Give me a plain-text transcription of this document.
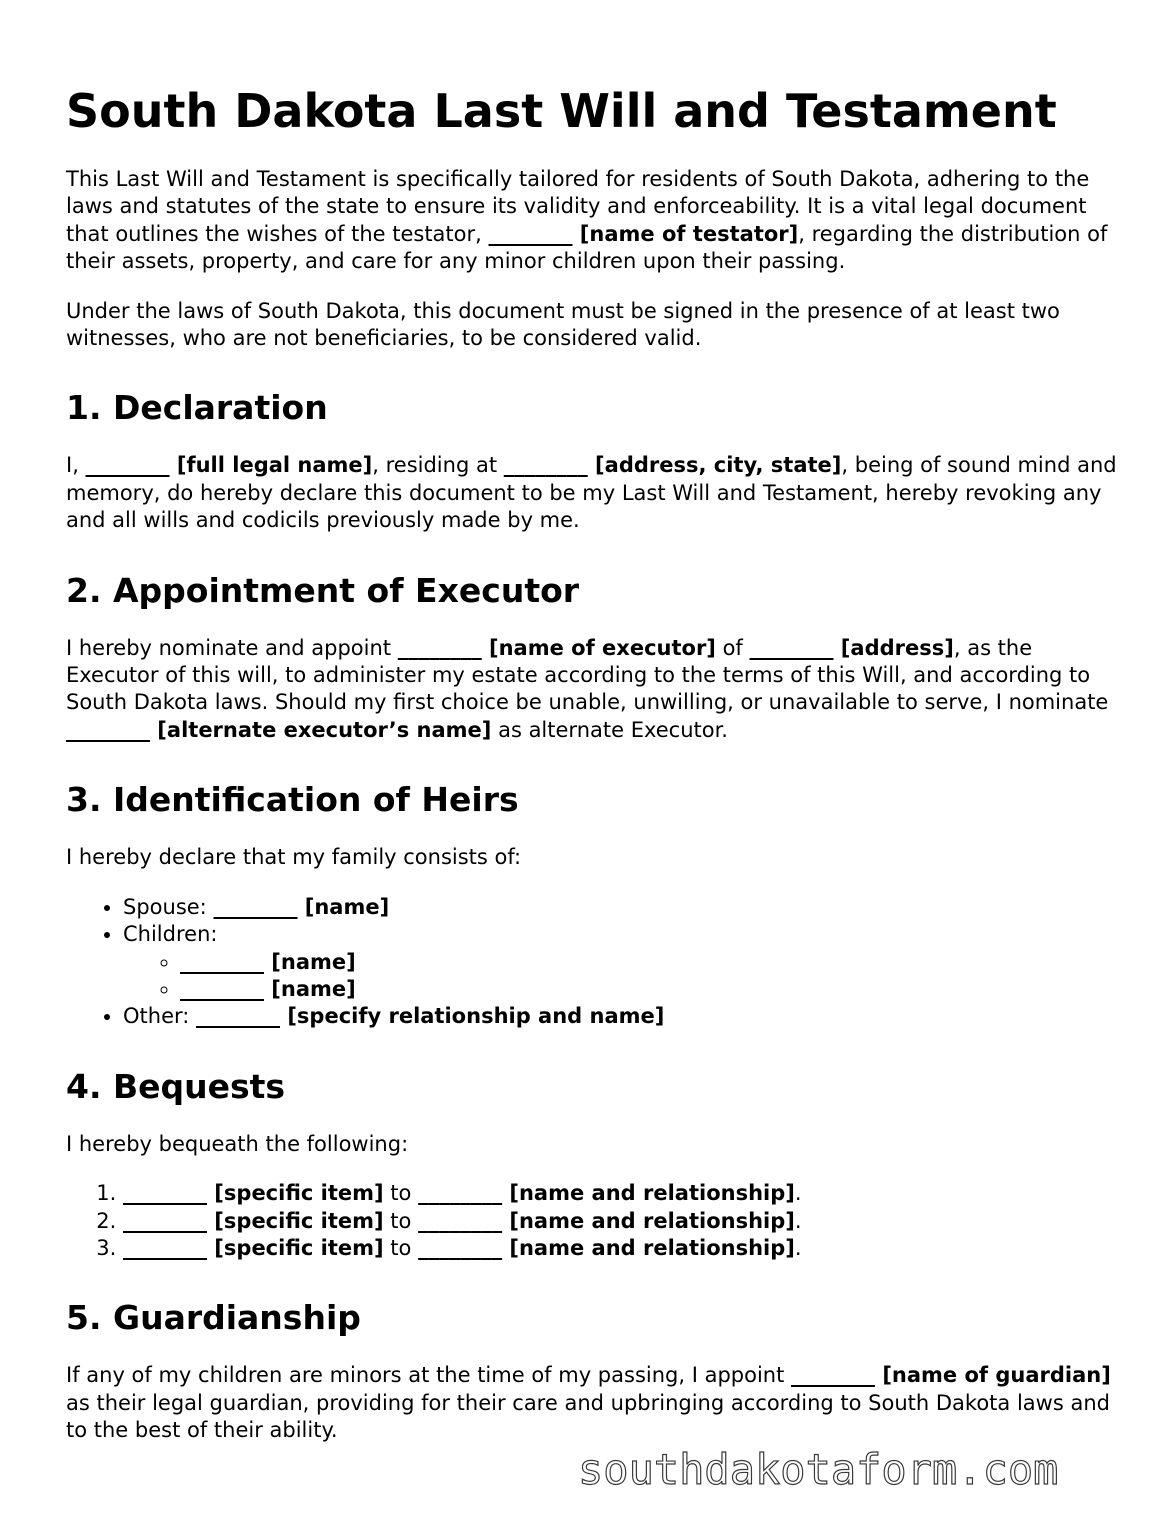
South Dakota Last Will and Testament

This Last Will and Testament is specifically tailored for residents of South Dakota, adhering to the laws and statutes of the state to ensure its validity and enforceability. It is a vital legal document that outlines the wishes of the testator, ________ [name of testator], regarding the distribution of their assets, property, and care for any minor children upon their passing.

Under the laws of South Dakota, this document must be signed in the presence of at least two witnesses, who are not beneficiaries, to be considered valid.

1. Declaration

I, ________ [full legal name], residing at ________ [address, city, state], being of sound mind and memory, do hereby declare this document to be my Last Will and Testament, hereby revoking any and all wills and codicils previously made by me.

2. Appointment of Executor

I hereby nominate and appoint ________ [name of executor] of ________ [address], as the Executor of this will, to administer my estate according to the terms of this Will, and according to South Dakota laws. Should my first choice be unable, unwilling, or unavailable to serve, I nominate ________ [alternate executor’s name] as alternate Executor.

3. Identification of Heirs

I hereby declare that my family consists of:

• Spouse: ________ [name]
• Children:
◦ ________ [name]
◦ ________ [name]
• Other: ________ [specify relationship and name]
4. Bequests

I hereby bequeath the following:

1. ________ [specific item] to ________ [name and relationship].
2. ________ [specific item] to ________ [name and relationship].
3. ________ [specific item] to ________ [name and relationship].
5. Guardianship

If any of my children are minors at the time of my passing, I appoint ________ [name of guardian] as their legal guardian, providing for their care and upbringing according to South Dakota laws and to the best of their ability.

southdakotaform.com
